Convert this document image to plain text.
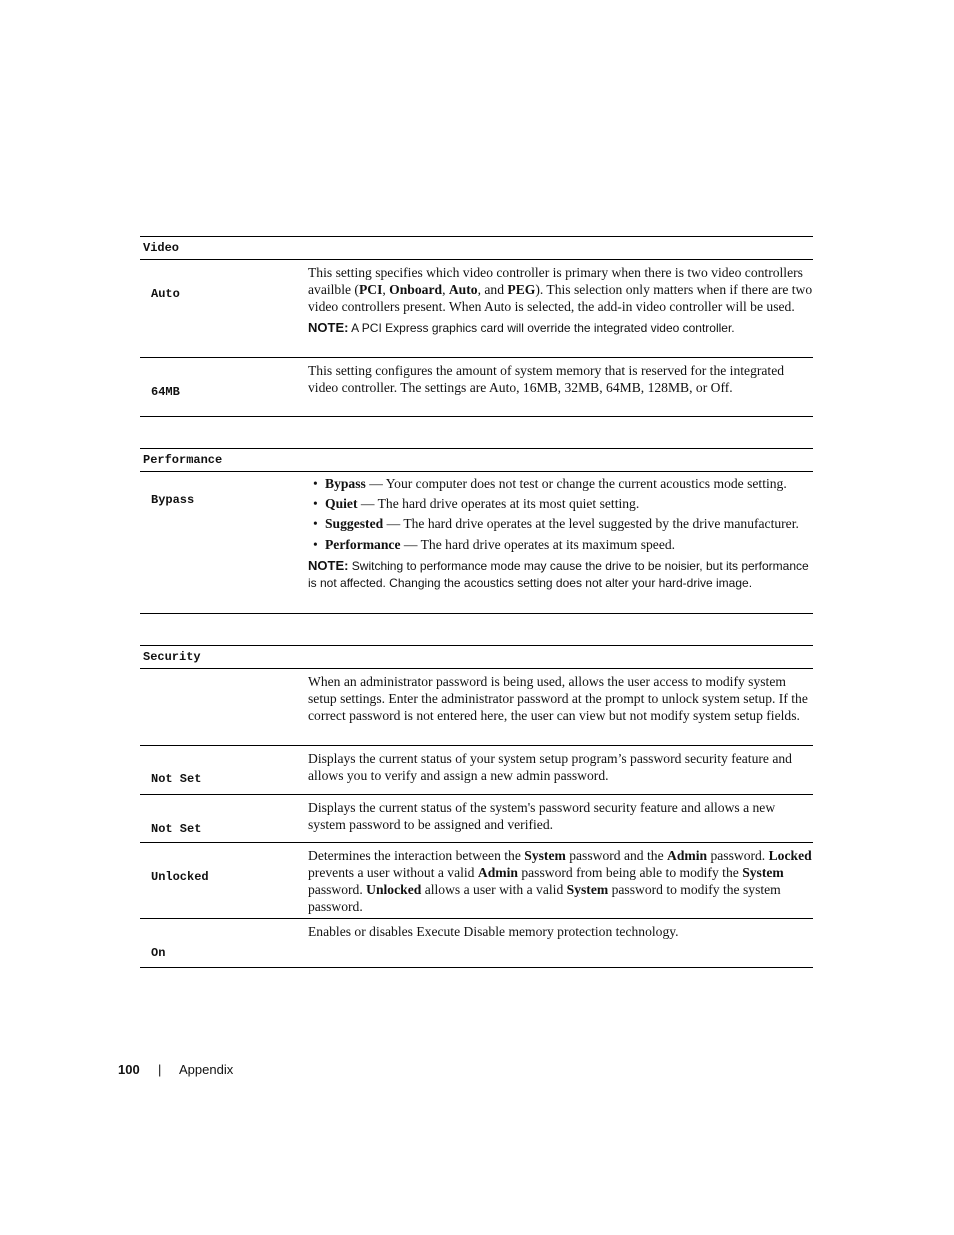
Video
Auto

This setting specifies which video controller is primary when there is two video controllers availble (PCI, Onboard, Auto, and PEG). This selection only matters when if there are two video controllers present. When Auto is selected, the add-in video controller will be used.

NOTE: A PCI Express graphics card will override the integrated video controller.

64MB
This setting configures the amount of system memory that is reserved for the integrated video controller. The settings are Auto, 16MB, 32MB, 64MB, 128MB, or Off.
Performance
Bypass
• Bypass — Your computer does not test or change the current acoustics mode setting.
• Quiet — The hard drive operates at its most quiet setting.
• Suggested — The hard drive operates at the level suggested by the drive manufacturer.
• Performance — The hard drive operates at its maximum speed.

NOTE: Switching to performance mode may cause the drive to be noisier, but its performance is not affected. Changing the acoustics setting does not alter your hard-drive image.

Security
When an administrator password is being used, allows the user access to modify system setup settings. Enter the administrator password at the prompt to unlock system setup. If the correct password is not entered here, the user can view but not modify system setup fields.
Not Set
Displays the current status of your system setup program’s password security feature and allows you to verify and assign a new admin password.
Not Set
Displays the current status of the system's password security feature and allows a new system password to be assigned and verified.
Unlocked
Determines the interaction between the System password and the Admin password. Locked prevents a user without a valid Admin password from being able to modify the System password. Unlocked allows a user with a valid System password to modify the system password.
On
Enables or disables Execute Disable memory protection technology.
100 | Appendix
